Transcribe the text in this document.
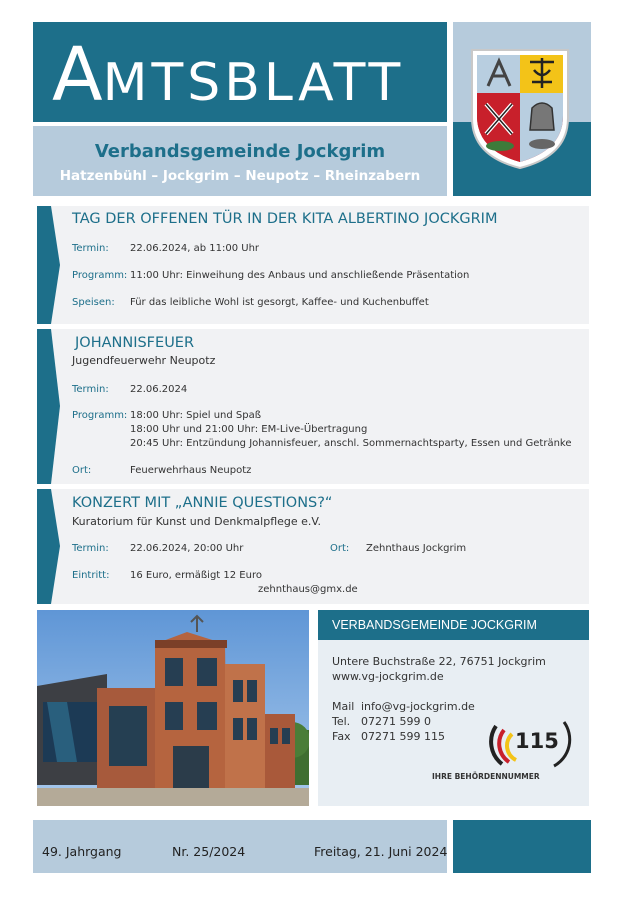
AMTSBLATT
Verbandsgemeinde Jockgrim
Hatzenbühl – Jockgrim – Neupotz – Rheinzabern
TAG DER OFFENEN TÜR IN DER KITA ALBERTINO JOCKGRIM
Termin: 22.06.2024, ab 11:00 Uhr
Programm: 11:00 Uhr: Einweihung des Anbaus und anschließende Präsentation
Speisen: Für das leibliche Wohl ist gesorgt, Kaffee- und Kuchenbuffet
JOHANNISFEUER
Jugendfeuerwehr Neupotz
Termin: 22.06.2024
Programm: 18:00 Uhr: Spiel und Spaß
18:00 Uhr und 21:00 Uhr: EM-Live-Übertragung
20:45 Uhr: Entzündung Johannisfeuer, anschl. Sommernachtsparty, Essen und Getränke
Ort:	Feuerwehrhaus Neupotz
KONZERT MIT „ANNIE QUESTIONS?“
Kuratorium für Kunst und Denkmalpflege e.V.
Termin: 22.06.2024, 20:00 Uhr	Ort: Zehnthaus Jockgrim
Eintritt: 16 Euro, ermäßigt 12 Euro
zehnthaus@gmx.de
VERBANDSGEMEINDE JOCKGRIM
Untere Buchstraße 22, 76751 Jockgrim
www.vg-jockgrim.de
Mail info@vg-jockgrim.de
Tel. 07271 599 0
Fax 07271 599 115	115
IHRE BEHÖRDENNUMMER
49. Jahrgang	Nr. 25/2024	Freitag, 21. Juni 2024
